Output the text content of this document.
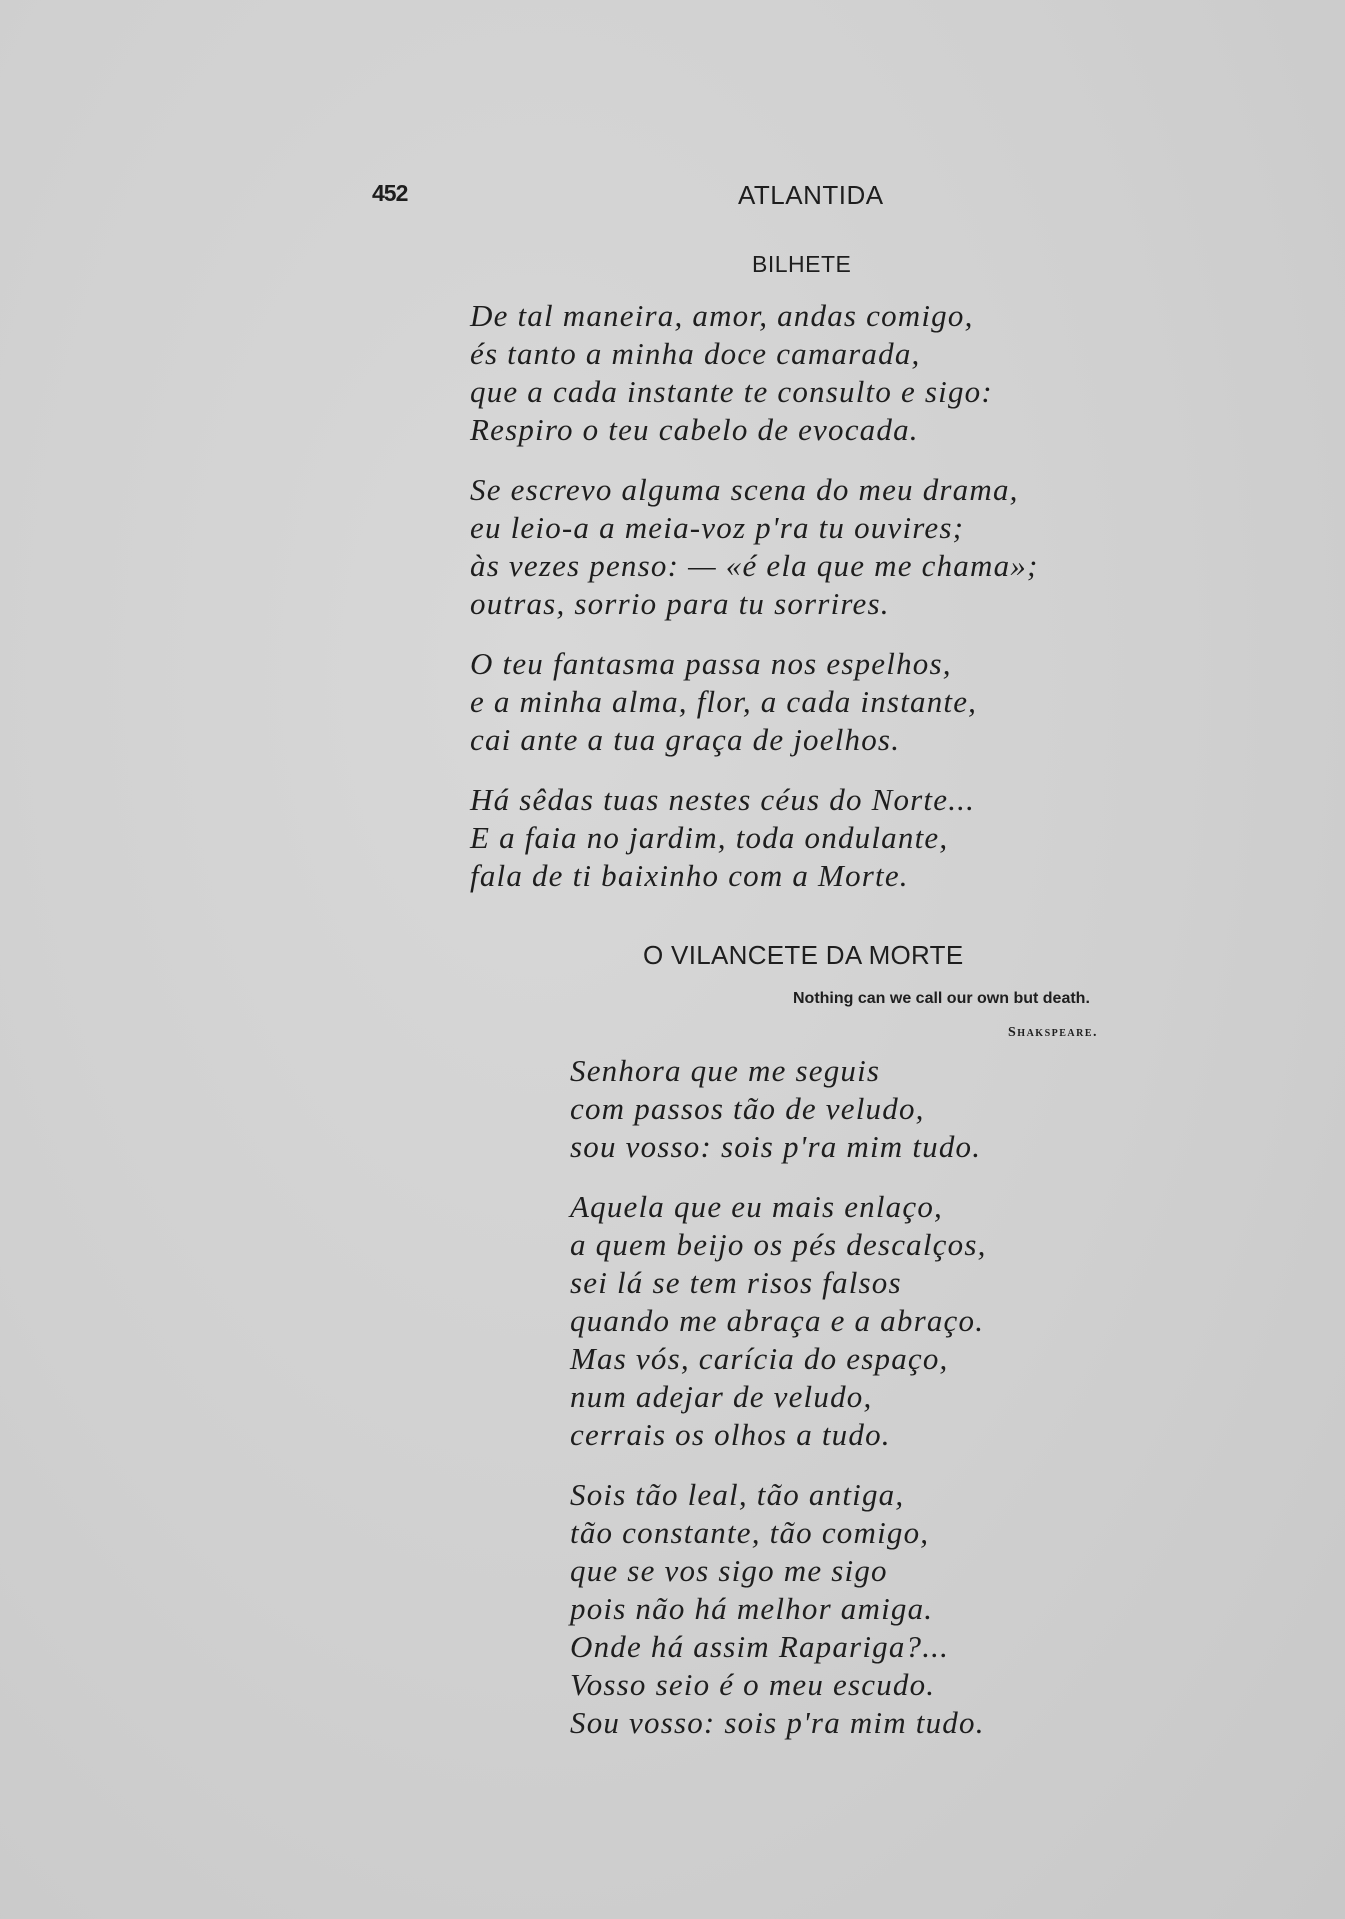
452	ATLANTIDA
BILHETE
De tal maneira, amor, andas comigo,
és tanto a minha doce camarada,
que a cada instante te consulto e sigo:
Respiro o teu cabelo de evocada.
Se escrevo alguma scena do meu drama,
eu leio-a a meia-voz p'ra tu ouvires;
às vezes penso: — «é ela que me chama»;
outras, sorrio para tu sorrires.
O teu fantasma passa nos espelhos,
e a minha alma, flor, a cada instante,
cai ante a tua graça de joelhos.
Há sêdas tuas nestes céus do Norte...
E a faia no jardim, toda ondulante,
fala de ti baixinho com a Morte.
O VILANCETE DA MORTE
Nothing can we call our own but death.
Shakspeare.
Senhora que me seguis
com passos tão de veludo,
sou vosso: sois p'ra mim tudo.
Aquela que eu mais enlaço,
a quem beijo os pés descalços,
sei lá se tem risos falsos
quando me abraça e a abraço.
Mas vós, carícia do espaço,
num adejar de veludo,
cerrais os olhos a tudo.
Sois tão leal, tão antiga,
tão constante, tão comigo,
que se vos sigo me sigo
pois não há melhor amiga.
Onde há assim Rapariga?...
Vosso seio é o meu escudo.
Sou vosso: sois p'ra mim tudo.
